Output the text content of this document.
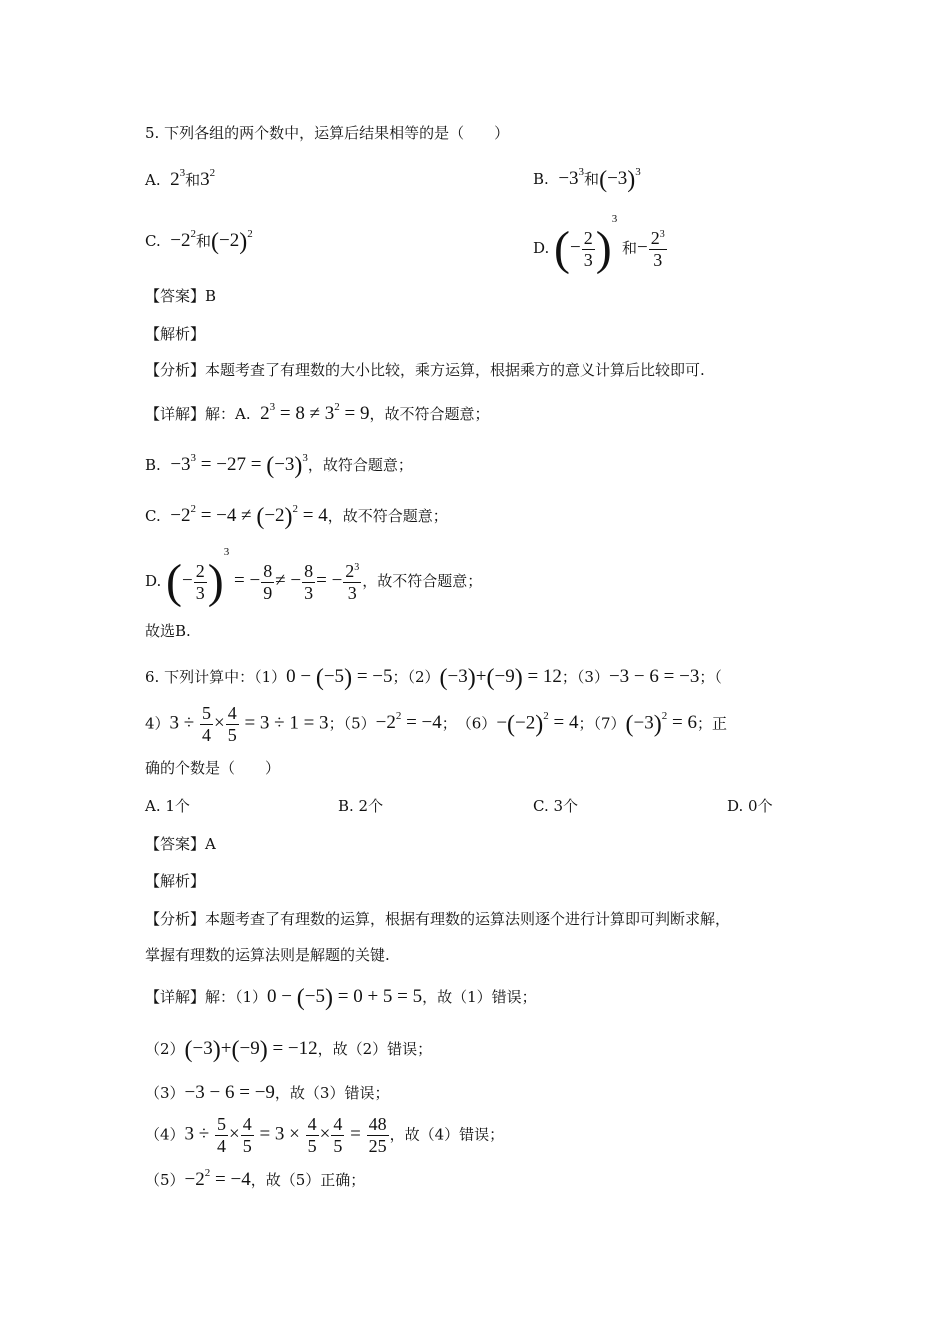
5. 下列各组的两个数中，运算后结果相等的是（　　）
A.  $2^3$和$3^2$	B.  $-3^3$和$(-3)^3$
C.  $-2^2$和$(-2)^2$
D. (− $\frac{2}{3} )^3$ 和− $\frac{2^3}{3}$
【答案】B
【解析】
【分析】本题考查了有理数的大小比较，乘方运算，根据乘方的意义计算后比较即可.
【详解】解：A.  $2^3 = 8 \ne 3^2 = 9$，故不符合题意；
B.  $-3^3 = -27 = (-3)^3$，故符合题意；
C.  $-2^2 = -4 \ne (-2)^2 = 4$，故不符合题意；
D. (− $\frac{2}{3} )^3$ = − $\frac{8}{9}$ ≠ − $\frac{8}{3}$ = − $\frac{2^3}{3}$ ，故不符合题意；
故选B.
6. 下列计算中：（1）0 − (−5) = −5；（2）(−3)+(−9) = 12；（3）−3 − 6 = −3；（
$4)3 \div \frac{5}{4} \times \frac{4}{5} = 3 \div 1 = 3$；$(5)-2^2 = -4$；　$(6)-(-2)^2 = 4$；$(7)(-3)^2 = 6$；正
确的个数是（　　）
A. 1个	B. 2个	C. 3个	D. 0个
【答案】A
【解析】
【分析】本题考查了有理数的运算，根据有理数的运算法则逐个进行计算即可判断求解，
掌握有理数的运算法则是解题的关键.
【详解】解：（1）0 − (−5) = 0 + 5 = 5，故（1）错误；
（2）(−3)+(−9) = −12，故（2）错误；
（3）−3 − 6 = −9，故（3）错误；
$(4)3 \div \frac{5}{4} \times \frac{4}{5} = 3 \times \frac{4}{5} \times \frac{4}{5} = \frac{48}{25}$ ，故（4）错误；
$(5)-2^2 = -4$，故（5）正确；
